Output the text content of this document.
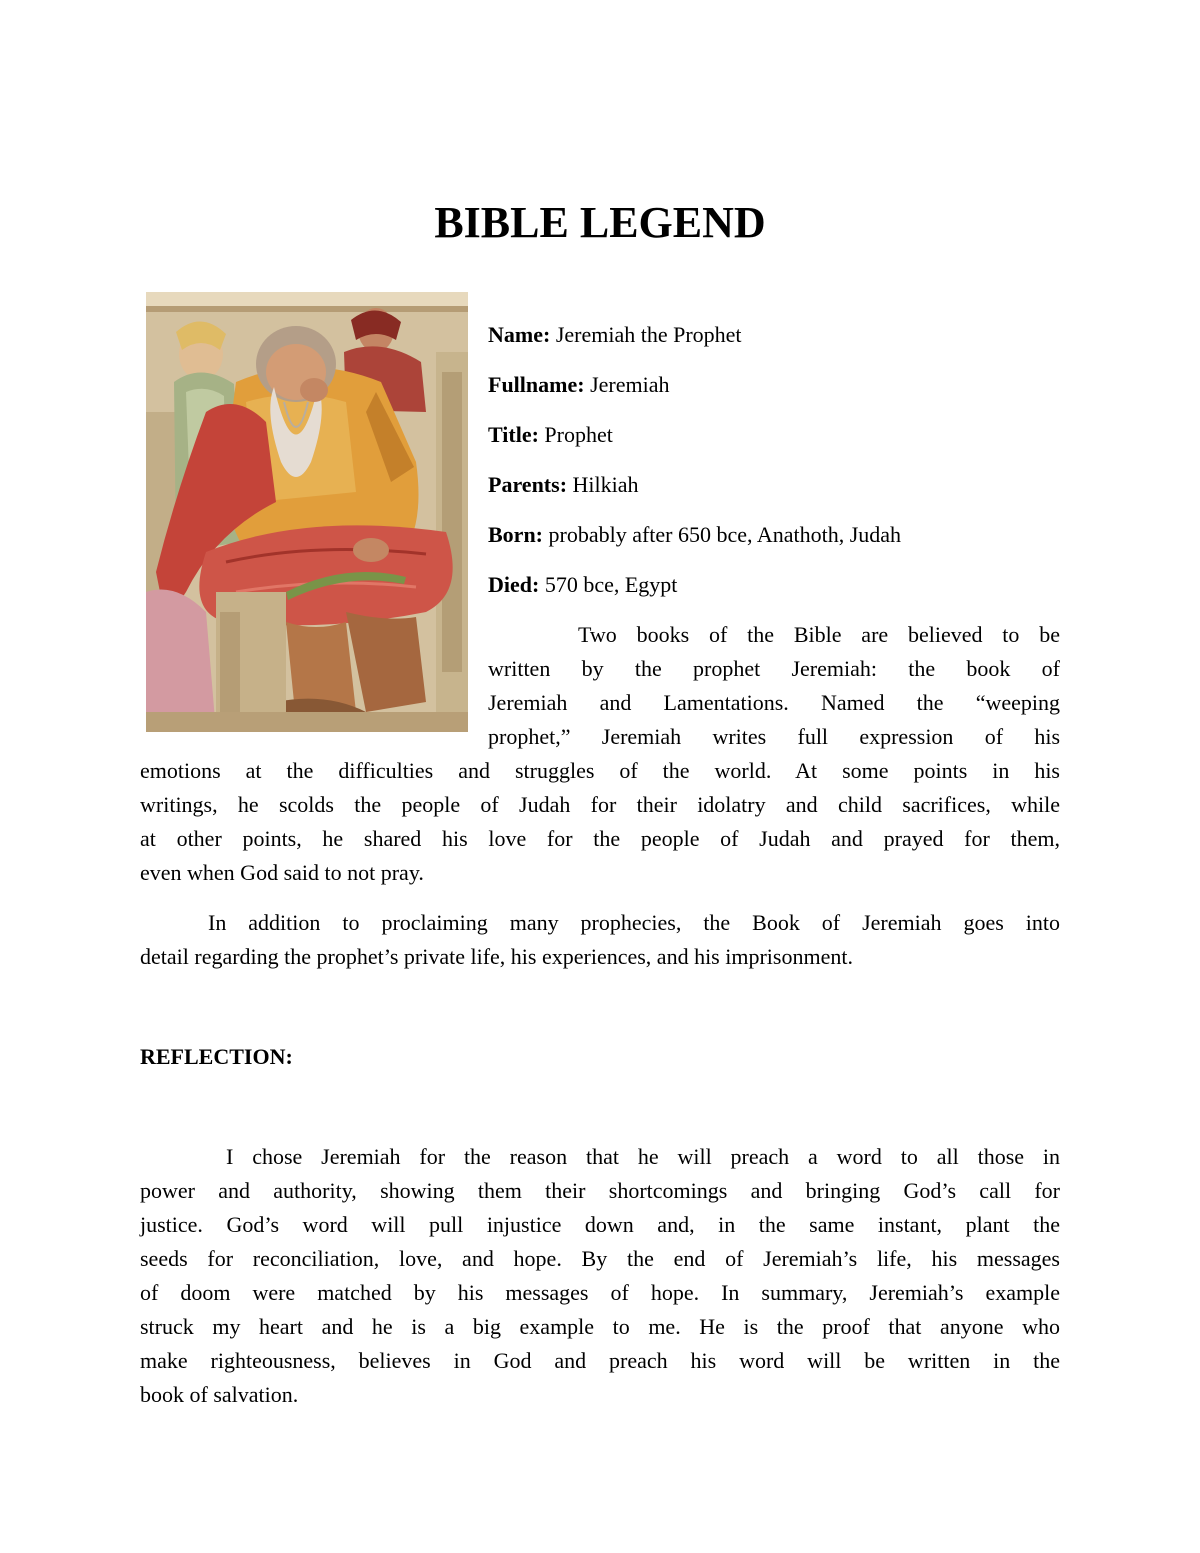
BIBLE LEGEND

Name: Jeremiah the Prophet

Fullname: Jeremiah

Title: Prophet

Parents: Hilkiah

Born: probably after 650 bce, Anathoth, Judah

Died: 570 bce, Egypt

Two books of the Bible are believed to be
written by the prophet Jeremiah: the book of
Jeremiah and Lamentations. Named the “weeping
prophet,” Jeremiah writes full expression of his
emotions at the difficulties and struggles of the world. At some points in his
writings, he scolds the people of Judah for their idolatry and child sacrifices, while
at other points, he shared his love for the people of Judah and prayed for them,
even when God said to not pray.
In addition to proclaiming many prophecies, the Book of Jeremiah goes into
detail regarding the prophet’s private life, his experiences, and his imprisonment.
REFLECTION:
I chose Jeremiah for the reason that he will preach a word to all those in
power and authority, showing them their shortcomings and bringing God’s call for
justice. God’s word will pull injustice down and, in the same instant, plant the
seeds for reconciliation, love, and hope. By the end of Jeremiah’s life, his messages
of doom were matched by his messages of hope. In summary, Jeremiah’s example
struck my heart and he is a big example to me. He is the proof that anyone who
make righteousness, believes in God and preach his word will be written in the
book of salvation.
